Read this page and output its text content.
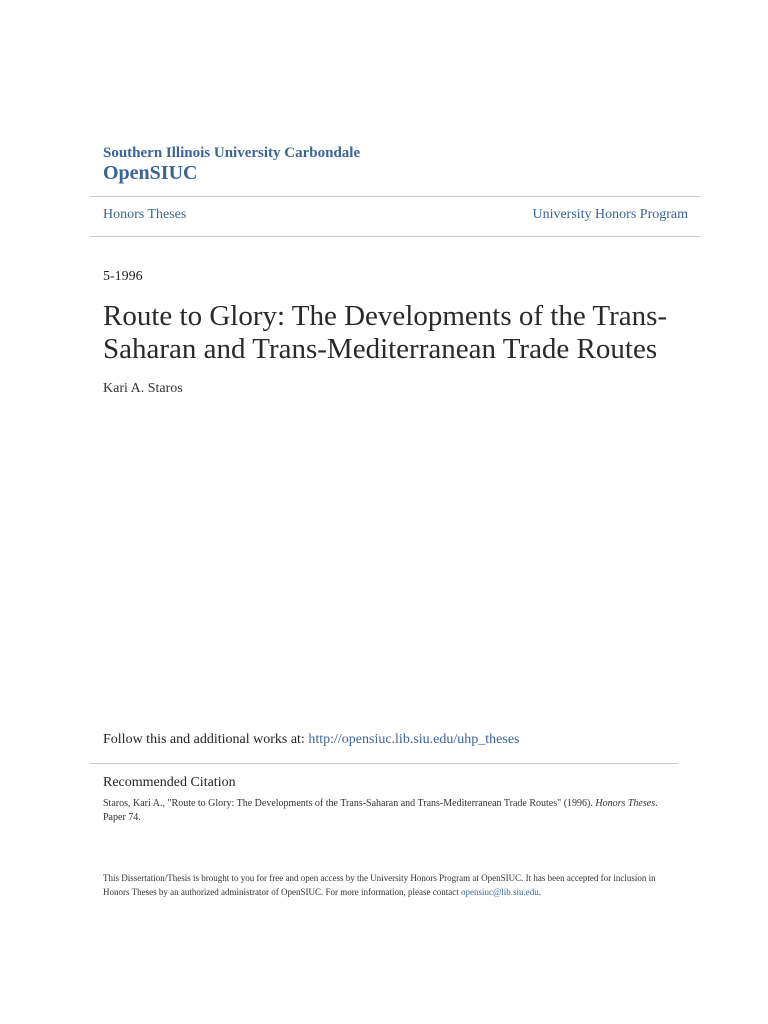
Southern Illinois University Carbondale
OpenSIUC
Honors Theses	University Honors Program
5-1996
Route to Glory: The Developments of the Trans-Saharan and Trans-Mediterranean Trade Routes
Kari A. Staros

Follow this and additional works at: http://opensiuc.lib.siu.edu/uhp_theses

Recommended Citation

Staros, Kari A., "Route to Glory: The Developments of the Trans-Saharan and Trans-Mediterranean Trade Routes" (1996). Honors Theses. Paper 74.

This Dissertation/Thesis is brought to you for free and open access by the University Honors Program at OpenSIUC. It has been accepted for inclusion in Honors Theses by an authorized administrator of OpenSIUC. For more information, please contact opensiuc@lib.siu.edu.
